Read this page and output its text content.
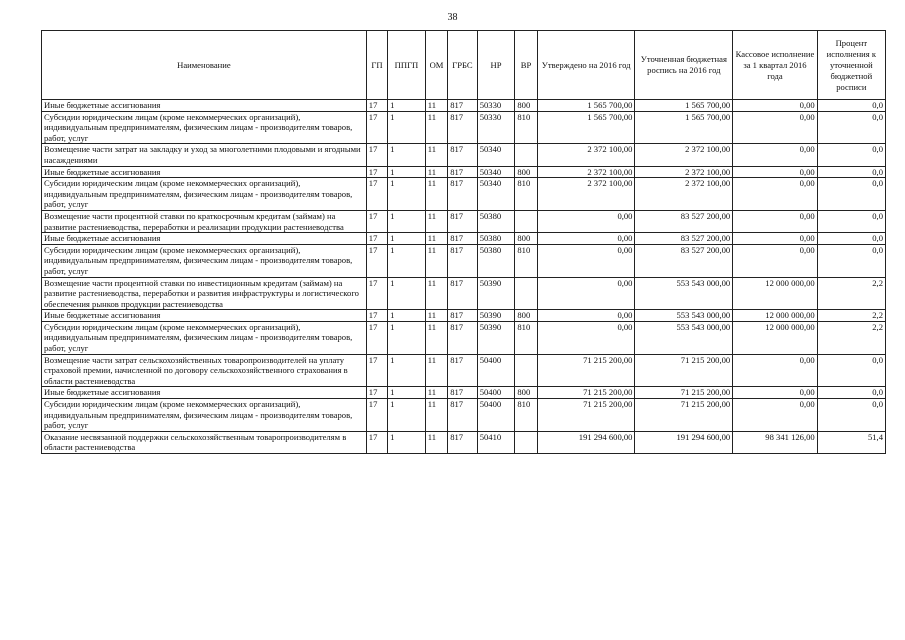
38
Наименование	ГП	ППГП	ОМ	ГРБС	НР	ВР	Утверждено на 2016 год	Уточненная бюджетная роспись на 2016 год	Кассовое исполнение за 1 квартал 2016 года	Процент исполнения к уточненной бюджетной росписи
Иные бюджетные ассигнования	17	1	11	817	50330	800	1 565 700,00	1 565 700,00	0,00	0,0
Субсидии юридическим лицам (кроме некоммерческих организаций), индивидуальным предпринимателям, физическим лицам - производителям товаров, работ, услуг	17	1	11	817	50330	810	1 565 700,00	1 565 700,00	0,00	0,0
Возмещение части затрат на закладку и уход за многолетними плодовыми и ягодными насаждениями	17	1	11	817	50340		2 372 100,00	2 372 100,00	0,00	0,0
Иные бюджетные ассигнования	17	1	11	817	50340	800	2 372 100,00	2 372 100,00	0,00	0,0
Субсидии юридическим лицам (кроме некоммерческих организаций), индивидуальным предпринимателям, физическим лицам - производителям товаров, работ, услуг	17	1	11	817	50340	810	2 372 100,00	2 372 100,00	0,00	0,0
Возмещение части процентной ставки по краткосрочным кредитам (займам) на развитие растениеводства, переработки и реализации продукции растениеводства	17	1	11	817	50380		0,00	83 527 200,00	0,00	0,0
Иные бюджетные ассигнования	17	1	11	817	50380	800	0,00	83 527 200,00	0,00	0,0
Субсидии юридическим лицам (кроме некоммерческих организаций), индивидуальным предпринимателям, физическим лицам - производителям товаров, работ, услуг	17	1	11	817	50380	810	0,00	83 527 200,00	0,00	0,0
Возмещение части процентной ставки по инвестиционным кредитам (займам) на развитие растениеводства, переработки и развития инфраструктуры и логистического обеспечения рынков продукции растениеводства	17	1	11	817	50390		0,00	553 543 000,00	12 000 000,00	2,2
Иные бюджетные ассигнования	17	1	11	817	50390	800	0,00	553 543 000,00	12 000 000,00	2,2
Субсидии юридическим лицам (кроме некоммерческих организаций), индивидуальным предпринимателям, физическим лицам - производителям товаров, работ, услуг	17	1	11	817	50390	810	0,00	553 543 000,00	12 000 000,00	2,2
Возмещение части затрат сельскохозяйственных товаропроизводителей на уплату страховой премии, начисленной по договору сельскохозяйственного страхования в области растениеводства	17	1	11	817	50400		71 215 200,00	71 215 200,00	0,00	0,0
Иные бюджетные ассигнования	17	1	11	817	50400	800	71 215 200,00	71 215 200,00	0,00	0,0
Субсидии юридическим лицам (кроме некоммерческих организаций), индивидуальным предпринимателям, физическим лицам - производителям товаров, работ, услуг	17	1	11	817	50400	810	71 215 200,00	71 215 200,00	0,00	0,0
Оказание несвязанной поддержки сельскохозяйственным товаропроизводителям в области растениеводства	17	1	11	817	50410		191 294 600,00	191 294 600,00	98 341 126,00	51,4
